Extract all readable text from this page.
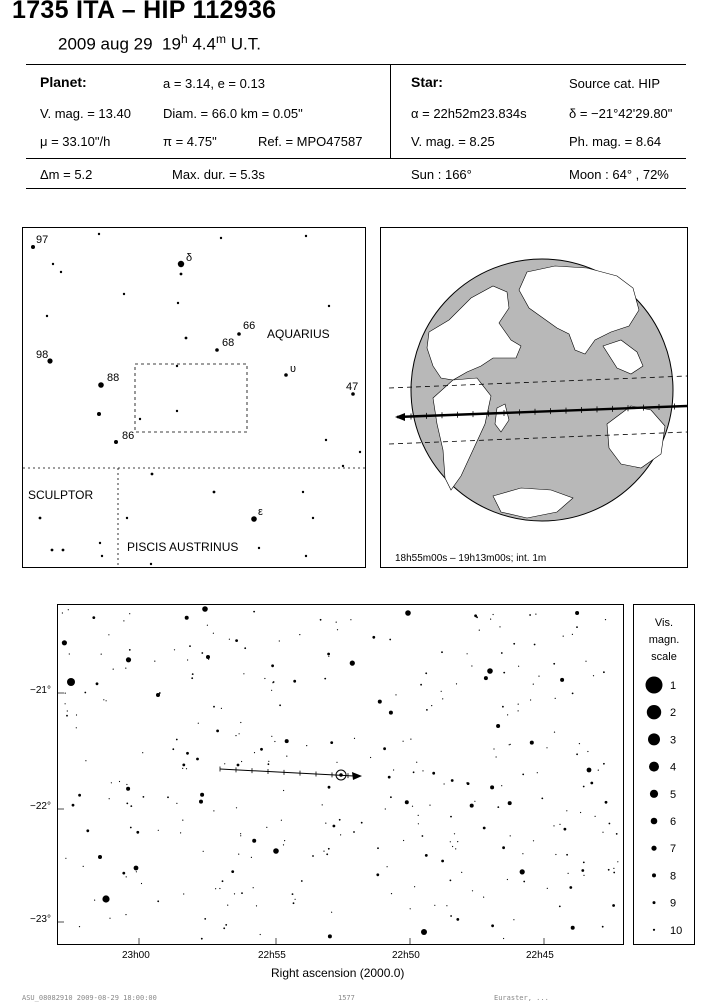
1735 ITA – HIP 112936
2009 aug 29 19$^h$ 4.4$^m$ U.T.
Planet:	a = 3.14, e = 0.13
V. mag. = 13.40 Diam. = 66.0 km = 0.05"
μ = 33.10"/h	π = 4.75"	Ref. = MPO47587
Star:	Source cat. HIP
α = 22h52m23.834s	δ = −21°42'29.80"
V. mag. = 8.25	Ph. mag. = 8.64
Δm = 5.2	Max. dur. = 5.3s	Sun : 166°	Moon : 64° , 72%
97
δ
66
68
98
88
υ
47
86
ε
AQUARIUS
SCULPTOR
PISCIS AUSTRINUS
18h55m00s – 19h13m00s; int. 1m
−21°
−22°
−23°
23h00	22h55	22h50	22h45
Right ascension (2000.0)
Vis.
magn.
scale
1
2
3
4
5
6
7
8
9
10
ASU_08082910 2009-08-29 18:00:00	1577	Euraster, ...
